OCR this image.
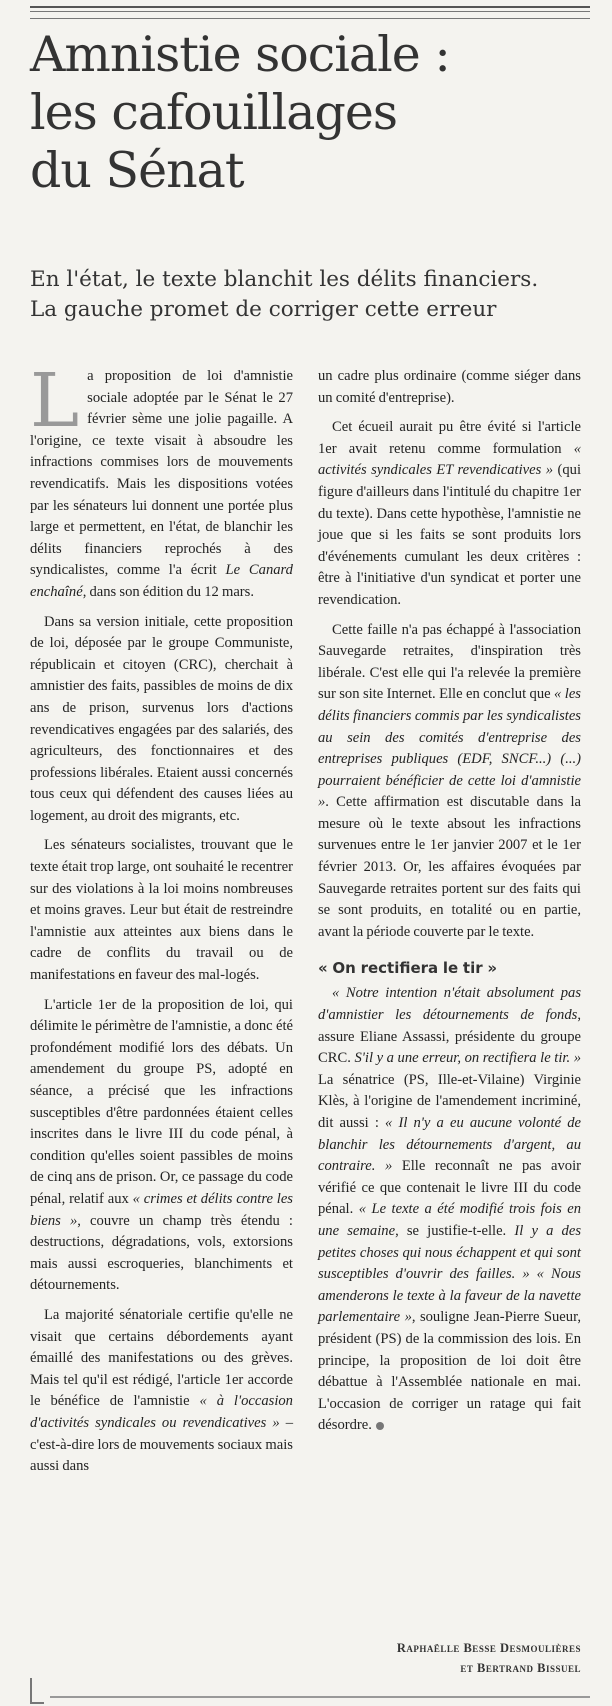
Amnistie sociale :
les cafouillages
du Sénat
En l'état, le texte blanchit les délits financiers.
La gauche promet de corriger cette erreur

La proposition de loi d'amnistie sociale adoptée par le Sénat le 27 février sème une jolie pagaille. A l'origine, ce texte visait à absoudre les infractions commises lors de mouvements revendicatifs. Mais les dispositions votées par les sénateurs lui donnent une portée plus large et permettent, en l'état, de blanchir les délits financiers reprochés à des syndicalistes, comme l'a écrit Le Canard enchaîné, dans son édition du 12 mars.

Dans sa version initiale, cette proposition de loi, déposée par le groupe Communiste, républicain et citoyen (CRC), cherchait à amnistier des faits, passibles de moins de dix ans de prison, survenus lors d'actions revendicatives engagées par des salariés, des agriculteurs, des fonctionnaires et des professions libérales. Etaient aussi concernés tous ceux qui défendent des causes liées au logement, au droit des migrants, etc.

Les sénateurs socialistes, trouvant que le texte était trop large, ont souhaité le recentrer sur des violations à la loi moins nombreuses et moins graves. Leur but était de restreindre l'amnistie aux atteintes aux biens dans le cadre de conflits du travail ou de manifestations en faveur des mal-logés.

L'article 1er de la proposition de loi, qui délimite le périmètre de l'amnistie, a donc été profondément modifié lors des débats. Un amendement du groupe PS, adopté en séance, a précisé que les infractions susceptibles d'être pardonnées étaient celles inscrites dans le livre III du code pénal, à condition qu'elles soient passibles de moins de cinq ans de prison. Or, ce passage du code pénal, relatif aux « crimes et délits contre les biens », couvre un champ très étendu : destructions, dégradations, vols, extorsions mais aussi escroqueries, blanchiments et détournements.

La majorité sénatoriale certifie qu'elle ne visait que certains débordements ayant émaillé des manifestations ou des grèves. Mais tel qu'il est rédigé, l'article 1er accorde le bénéfice de l'amnistie « à l'occasion d'activités syndicales ou revendicatives » – c'est-à-dire lors de mouvements sociaux mais aussi dans

un cadre plus ordinaire (comme siéger dans un comité d'entreprise).

Cet écueil aurait pu être évité si l'article 1er avait retenu comme formulation « activités syndicales ET revendicatives » (qui figure d'ailleurs dans l'intitulé du chapitre 1er du texte). Dans cette hypothèse, l'amnistie ne joue que si les faits se sont produits lors d'événements cumulant les deux critères : être à l'initiative d'un syndicat et porter une revendication.

Cette faille n'a pas échappé à l'association Sauvegarde retraites, d'inspiration très libérale. C'est elle qui l'a relevée la première sur son site Internet. Elle en conclut que « les délits financiers commis par les syndicalistes au sein des comités d'entreprise des entreprises publiques (EDF, SNCF...) (...) pourraient bénéficier de cette loi d'amnistie ». Cette affirmation est discutable dans la mesure où le texte absout les infractions survenues entre le 1er janvier 2007 et le 1er février 2013. Or, les affaires évoquées par Sauvegarde retraites portent sur des faits qui se sont produits, en totalité ou en partie, avant la période couverte par le texte.

« On rectifiera le tir »

« Notre intention n'était absolument pas d'amnistier les détournements de fonds, assure Eliane Assassi, présidente du groupe CRC. S'il y a une erreur, on rectifiera le tir. » La sénatrice (PS, Ille-et-Vilaine) Virginie Klès, à l'origine de l'amendement incriminé, dit aussi : « Il n'y a eu aucune volonté de blanchir les détournements d'argent, au contraire. » Elle reconnaît ne pas avoir vérifié ce que contenait le livre III du code pénal. « Le texte a été modifié trois fois en une semaine, se justifie-t-elle. Il y a des petites choses qui nous échappent et qui sont susceptibles d'ouvrir des failles. » « Nous amenderons le texte à la faveur de la navette parlementaire », souligne Jean-Pierre Sueur, président (PS) de la commission des lois. En principe, la proposition de loi doit être débattue à l'Assemblée nationale en mai. L'occasion de corriger un ratage qui fait désordre.

Raphaëlle Besse Desmoulières
et Bertrand Bissuel
